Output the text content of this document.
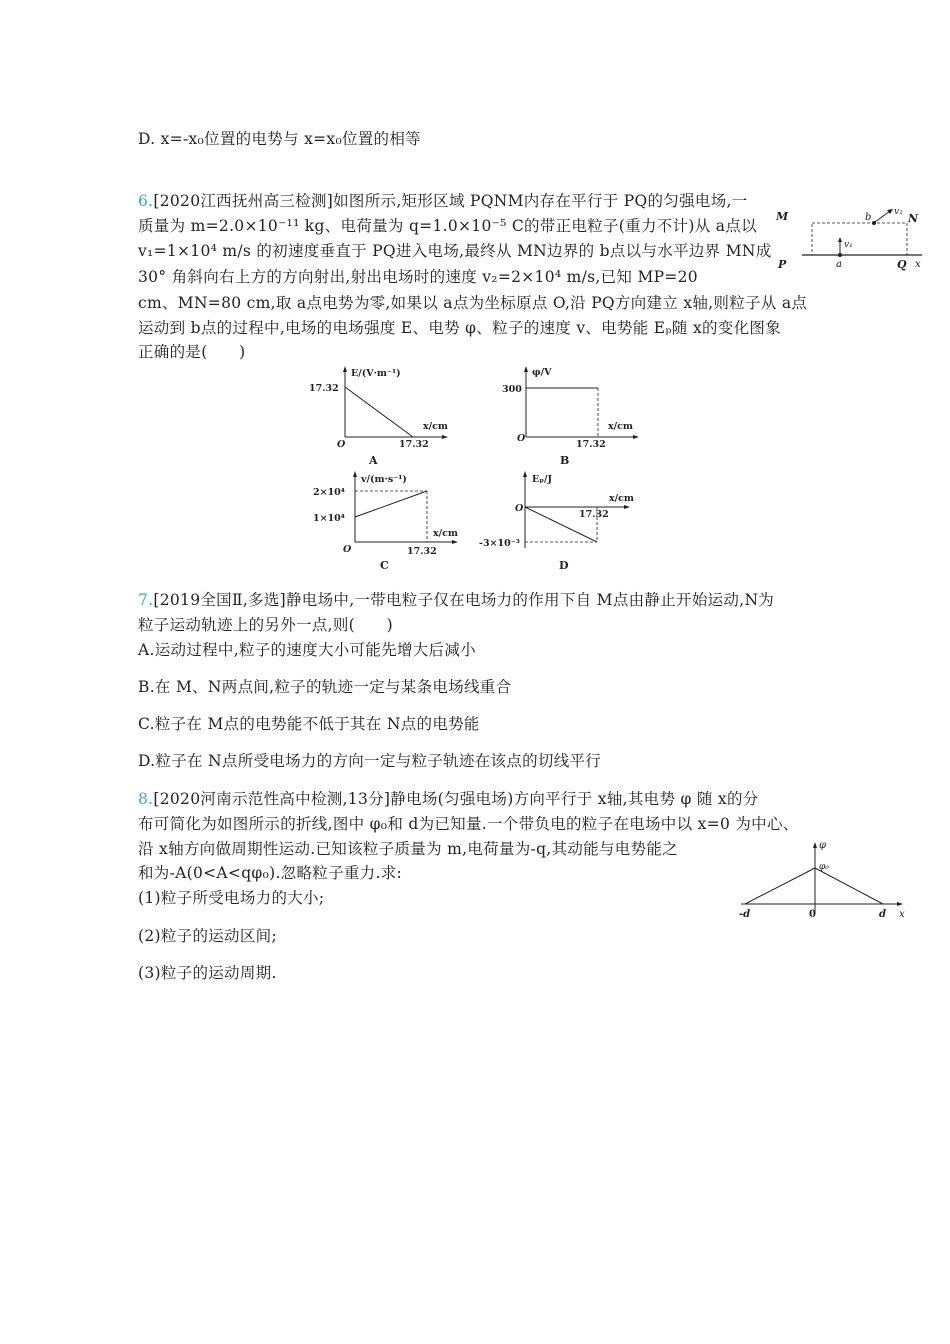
D. x=-x₀位置的电势与 x=x₀位置的相等
6.[2020江西抚州高三检测]如图所示,矩形区域 PQNM内存在平行于 PQ的匀强电场,一
质量为 m=2.0×10⁻¹¹ kg、电荷量为 q=1.0×10⁻⁵ C的带正电粒子(重力不计)从 a点以
v₁=1×10⁴ m/s 的初速度垂直于 PQ进入电场,最终从 MN边界的 b点以与水平边界 MN成
30° 角斜向右上方的方向射出,射出电场时的速度 v₂=2×10⁴ m/s,已知 MP=20
cm、MN=80 cm,取 a点电势为零,如果以 a点为坐标原点 O,沿 PQ方向建立 x轴,则粒子从 a点
运动到 b点的过程中,电场的电场强度 E、电势 φ、粒子的速度 v、电势能 Eₚ随 x的变化图象
正确的是(　　)
M	N
P	Q
a
b
v₁
v₂
x
E/(V·m⁻¹)
17.32
x/cm
17.32
O
A
φ/V
300
x/cm
17.32
O
B
v/(m·s⁻¹)
2×10⁴
1×10⁴
x/cm
17.32
O
C
Eₚ/J
-3×10⁻³
x/cm
17.32
O
D
7.[2019全国Ⅱ,多选]静电场中,一带电粒子仅在电场力的作用下自 M点由静止开始运动,N为
粒子运动轨迹上的另外一点,则(　　)
A.运动过程中,粒子的速度大小可能先增大后减小
B.在 M、N两点间,粒子的轨迹一定与某条电场线重合
C.粒子在 M点的电势能不低于其在 N点的电势能
D.粒子在 N点所受电场力的方向一定与粒子轨迹在该点的切线平行
8.[2020河南示范性高中检测,13分]静电场(匀强电场)方向平行于 x轴,其电势 φ 随 x的分
布可简化为如图所示的折线,图中 φ₀和 d为已知量.一个带负电的粒子在电场中以 x=0 为中心、
沿 x轴方向做周期性运动.已知该粒子质量为 m,电荷量为-q,其动能与电势能之
和为-A(0<A<qφ₀).忽略粒子重力.求:
(1)粒子所受电场力的大小;
(2)粒子的运动区间;
(3)粒子的运动周期.
φ
φ₀
-d	0	d x
